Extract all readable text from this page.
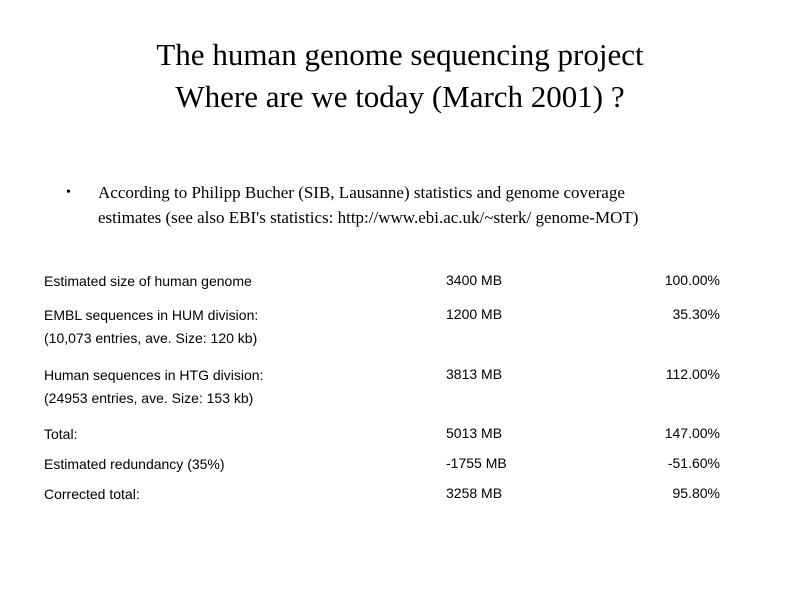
The human genome sequencing project
Where are we today (March 2001) ?
• According to Philipp Bucher (SIB, Lausanne) statistics and genome coverage
estimates (see also EBI's statistics: http://www.ebi.ac.uk/~sterk/ genome-MOT)
Estimated size of human genome	3400 MB	100.00%
EMBL sequences in HUM division:
(10,073 entries, ave. Size: 120 kb)
1200 MB	35.30%
Human sequences in HTG division:
(24953 entries, ave. Size: 153 kb)
3813 MB	112.00%
Total:	5013 MB	147.00%
Estimated redundancy (35%)	-1755 MB	-51.60%
Corrected total:	3258 MB	95.80%
